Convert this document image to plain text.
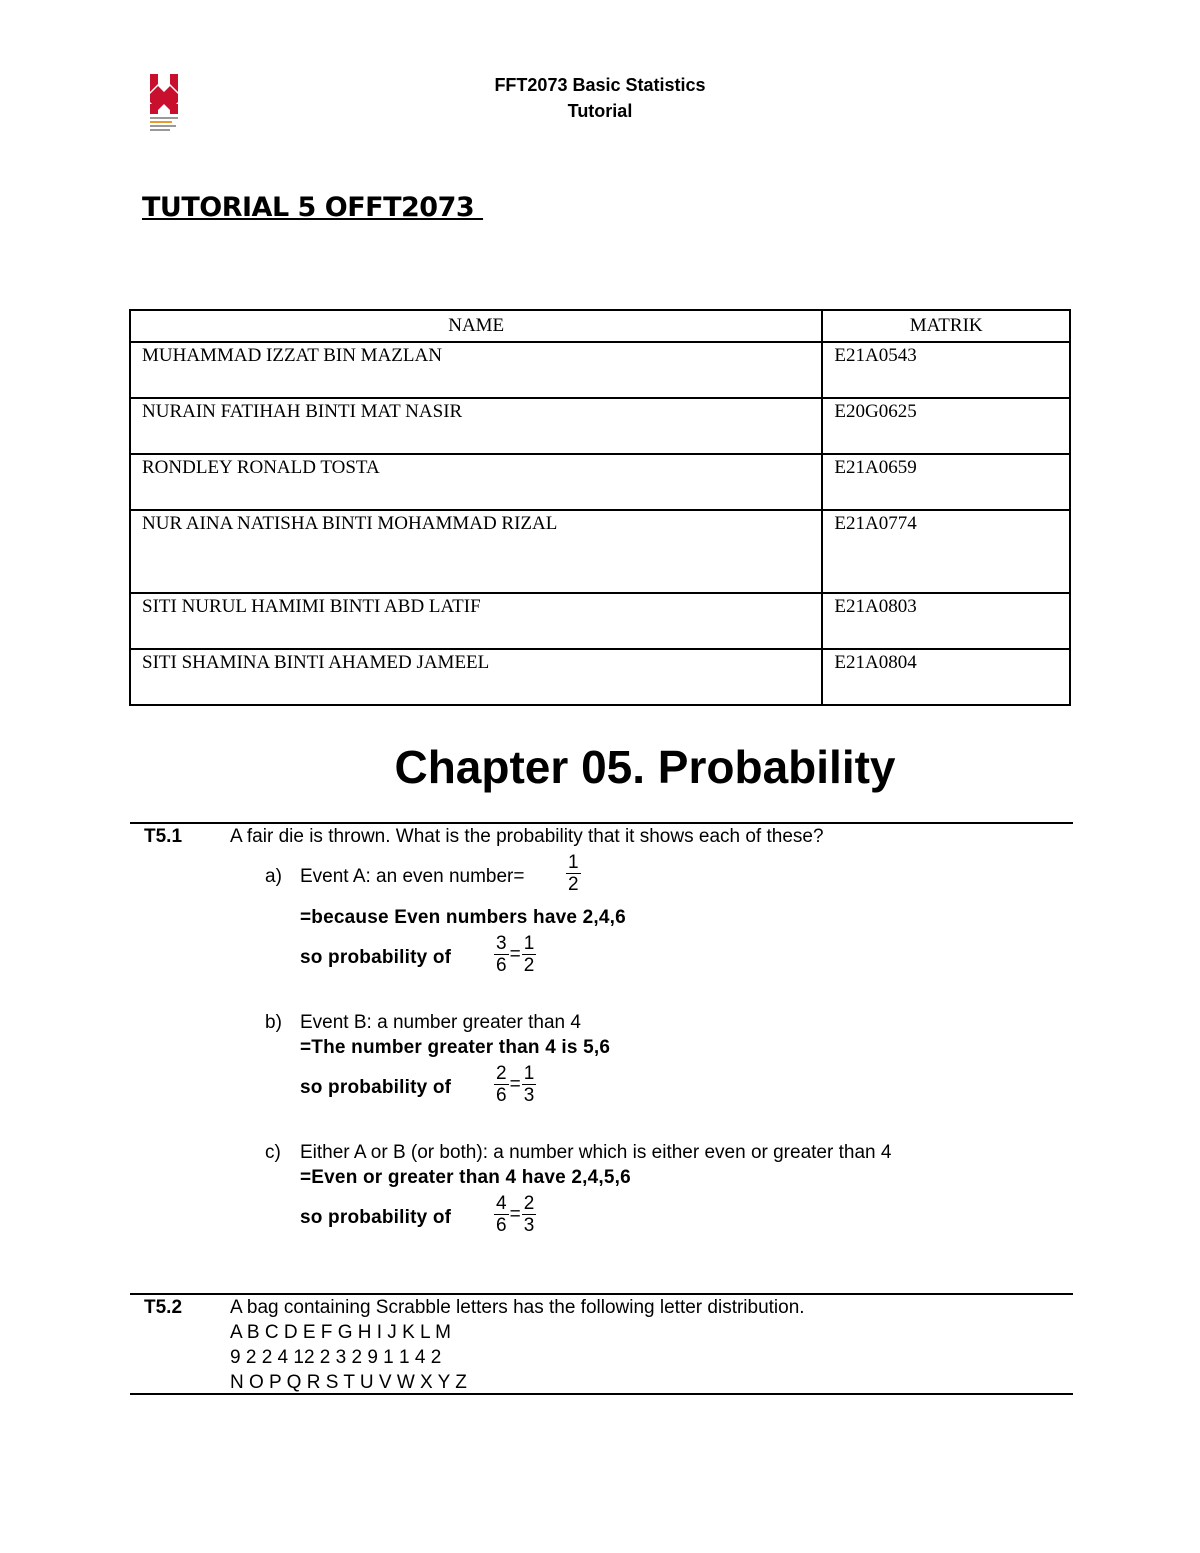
FFT2073 Basic Statistics
Tutorial
TUTORIAL 5 OFFT2073
NAME	MATRIK
MUHAMMAD IZZAT BIN MAZLAN	E21A0543
NURAIN FATIHAH BINTI MAT NASIR	E20G0625
RONDLEY RONALD TOSTA	E21A0659
NUR AINA NATISHA BINTI MOHAMMAD RIZAL	E21A0774
SITI NURUL HAMIMI BINTI ABD LATIF	E21A0803
SITI SHAMINA BINTI AHAMED JAMEEL	E21A0804
Chapter 05. Probability
T5.1	A fair die is thrown. What is the probability that it shows each of these?
a) Event A: an even number= $\frac{1}{2}$
=because Even numbers have 2,4,6
so probability of $\frac{3}{6} = \frac{1}{2}$
b) Event B: a number greater than 4
=The number greater than 4 is 5,6
so probability of $\frac{2}{6} = \frac{1}{3}$
c) Either A or B (or both): a number which is either even or greater than 4
=Even or greater than 4 have 2,4,5,6
so probability of $\frac{4}{6} = \frac{2}{3}$
T5.2	A bag containing Scrabble letters has the following letter distribution.
A B C D E F G H I J K L M
9 2 2 4 12 2 3 2 9 1 1 4 2
N O P Q R S T U V W X Y Z
